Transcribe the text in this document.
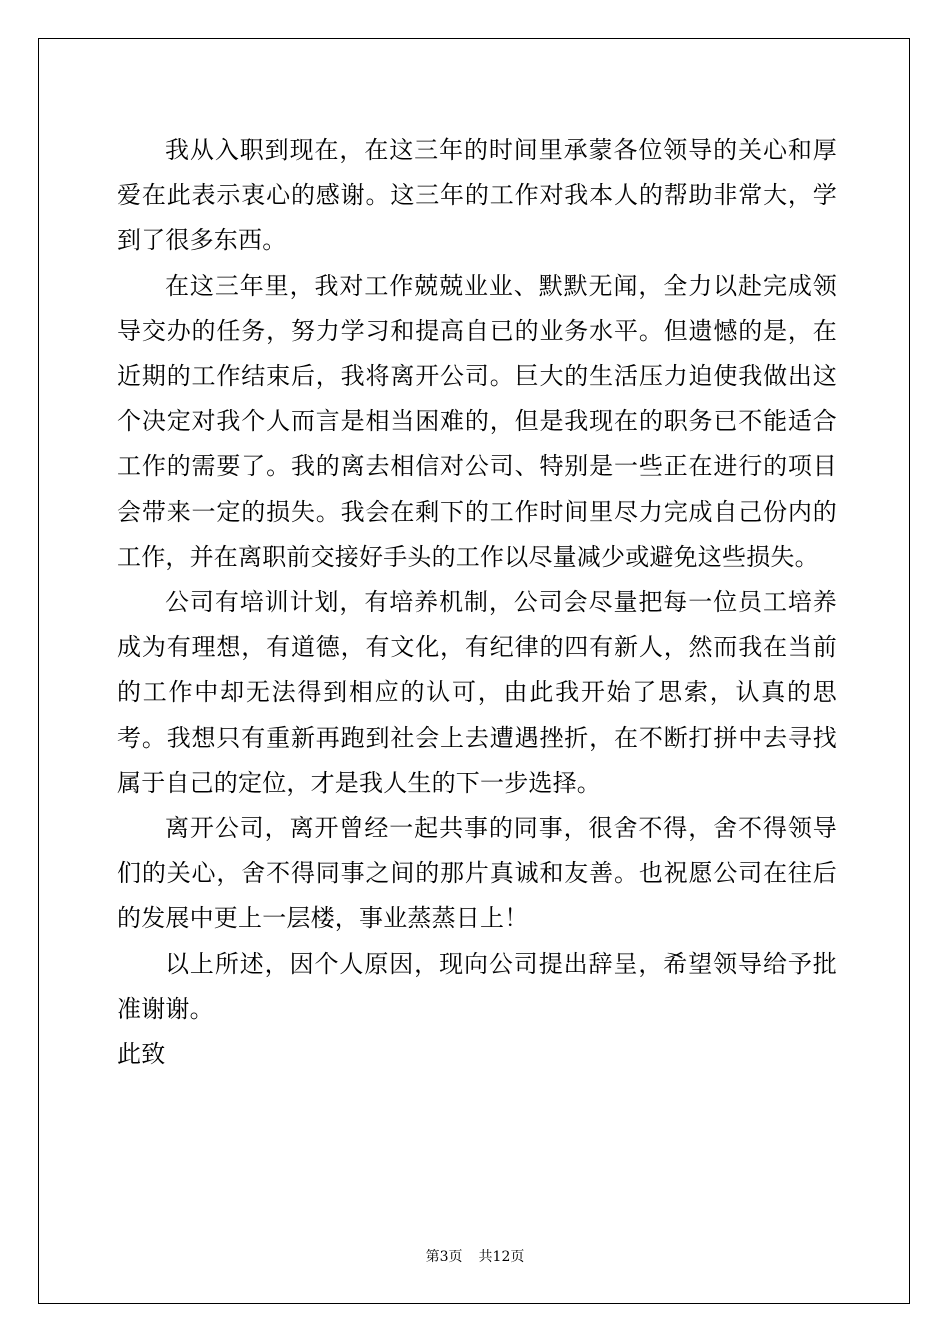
我从入职到现在，在这三年的时间里承蒙各位领导的关心和厚爱在此表示衷心的感谢。这三年的工作对我本人的帮助非常大，学到了很多东西。

在这三年里，我对工作兢兢业业、默默无闻，全力以赴完成领导交办的任务，努力学习和提高自已的业务水平。但遗憾的是，在近期的工作结束后，我将离开公司。巨大的生活压力迫使我做出这个决定对我个人而言是相当困难的，但是我现在的职务已不能适合工作的需要了。我的离去相信对公司、特别是一些正在进行的项目会带来一定的损失。我会在剩下的工作时间里尽力完成自己份内的工作，并在离职前交接好手头的工作以尽量减少或避免这些损失。

公司有培训计划，有培养机制，公司会尽量把每一位员工培养成为有理想，有道德，有文化，有纪律的四有新人，然而我在当前的工作中却无法得到相应的认可，由此我开始了思索，认真的思考。我想只有重新再跑到社会上去遭遇挫折，在不断打拼中去寻找属于自己的定位，才是我人生的下一步选择。

离开公司，离开曾经一起共事的同事，很舍不得，舍不得领导们的关心，舍不得同事之间的那片真诚和友善。也祝愿公司在往后的发展中更上一层楼，事业蒸蒸日上！

以上所述，因个人原因，现向公司提出辞呈，希望领导给予批准谢谢。

此致

第3页 共12页
